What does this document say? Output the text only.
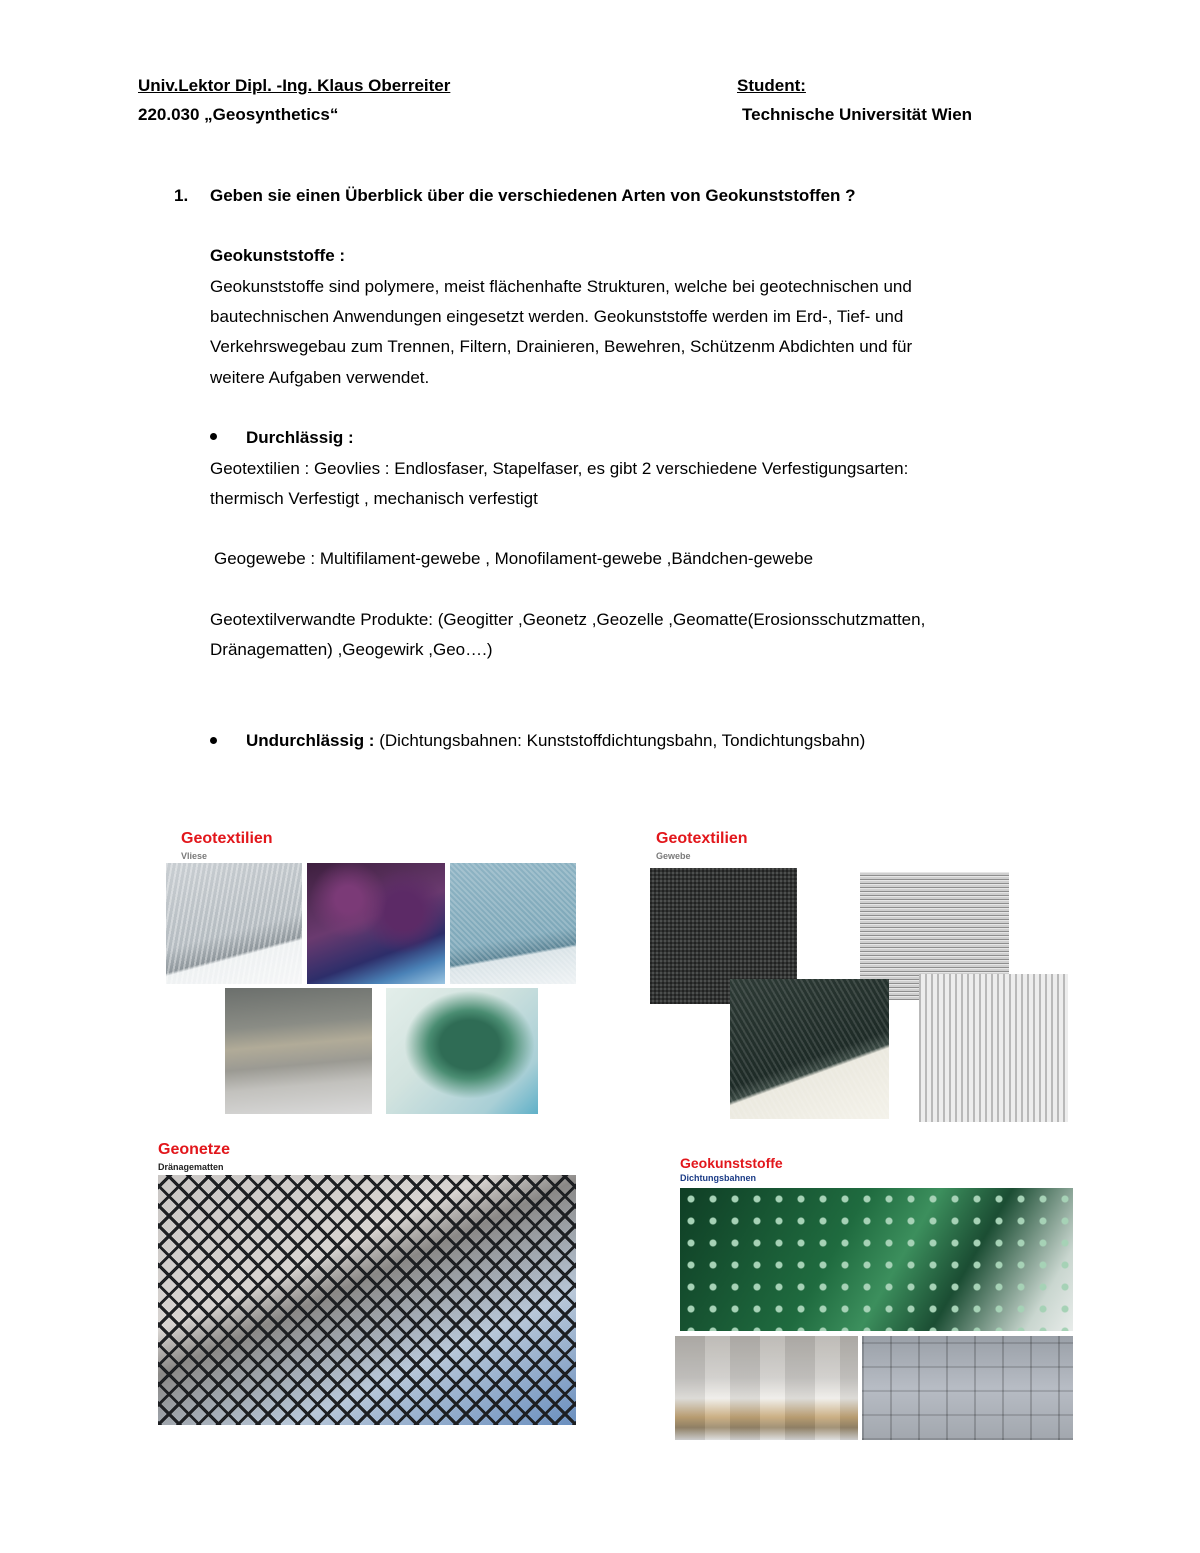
Univ.Lektor Dipl. -Ing. Klaus Oberreiter
220.030 „Geosynthetics“
Student:
Technische Universität Wien
1. Geben sie einen Überblick über die verschiedenen Arten von Geokunststoffen ?
Geokunststoffe :
Geokunststoffe sind polymere, meist flächenhafte Strukturen, welche bei geotechnischen und
bautechnischen Anwendungen eingesetzt werden. Geokunststoffe werden im Erd-, Tief- und
Verkehrswegebau zum Trennen, Filtern, Drainieren, Bewehren, Schützenm Abdichten und für
weitere Aufgaben verwendet.
Durchlässig :
Geotextilien : Geovlies : Endlosfaser, Stapelfaser, es gibt 2 verschiedene Verfestigungsarten:
thermisch Verfestigt , mechanisch verfestigt
Geogewebe : Multifilament-gewebe , Monofilament-gewebe ,Bändchen-gewebe
Geotextilverwandte Produkte: (Geogitter ,Geonetz ,Geozelle ,Geomatte(Erosionsschutzmatten,
Dränagematten) ,Geogewirk ,Geo….)
Undurchlässig : (Dichtungsbahnen: Kunststoffdichtungsbahn, Tondichtungsbahn)
Geotextilien
Vliese
Geotextilien
Gewebe
Geonetze
Dränagematten	Geokunststoffe
Dichtungsbahnen
